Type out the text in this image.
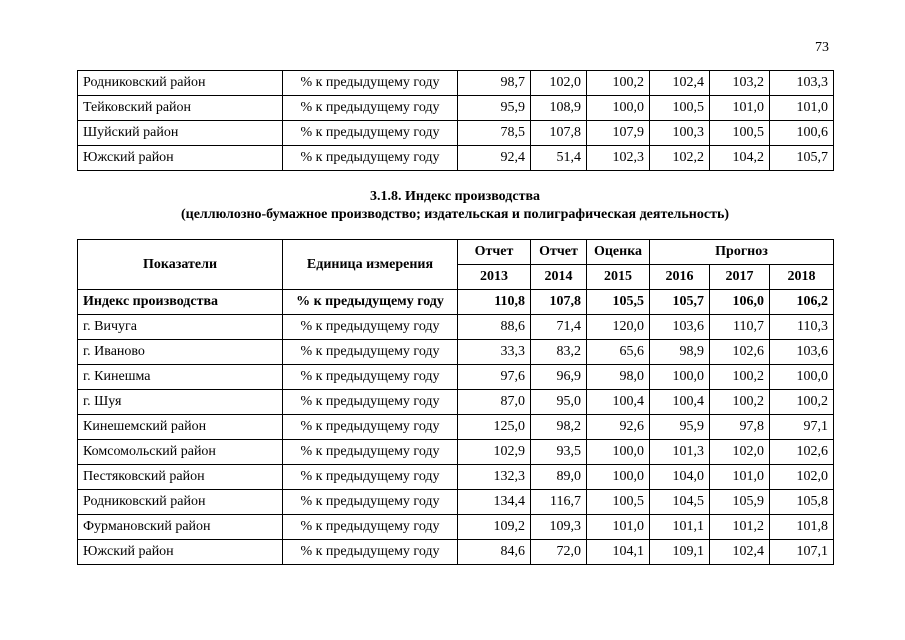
73
Родниковский район	% к предыдущему году	98,7	102,0	100,2	102,4	103,2	103,3
Тейковский район	% к предыдущему году	95,9	108,9	100,0	100,5	101,0	101,0
Шуйский район	% к предыдущему году	78,5	107,8	107,9	100,3	100,5	100,6
Южский район	% к предыдущему году	92,4	51,4	102,3	102,2	104,2	105,7
3.1.8. Индекс производства
(целлюлозно-бумажное производство; издательская и полиграфическая деятельность)
Показатели	Единица измерения	Отчет	Отчет	Оценка	Прогноз		
		2013	2014	2015	2016	2017	2018
Индекс производства	% к предыдущему году	110,8	107,8	105,5	105,7	106,0	106,2
г. Вичуга	% к предыдущему году	88,6	71,4	120,0	103,6	110,7	110,3
г. Иваново	% к предыдущему году	33,3	83,2	65,6	98,9	102,6	103,6
г. Кинешма	% к предыдущему году	97,6	96,9	98,0	100,0	100,2	100,0
г. Шуя	% к предыдущему году	87,0	95,0	100,4	100,4	100,2	100,2
Кинешемский район	% к предыдущему году	125,0	98,2	92,6	95,9	97,8	97,1
Комсомольский район	% к предыдущему году	102,9	93,5	100,0	101,3	102,0	102,6
Пестяковский район	% к предыдущему году	132,3	89,0	100,0	104,0	101,0	102,0
Родниковский район	% к предыдущему году	134,4	116,7	100,5	104,5	105,9	105,8
Фурмановский район	% к предыдущему году	109,2	109,3	101,0	101,1	101,2	101,8
Южский район	% к предыдущему году	84,6	72,0	104,1	109,1	102,4	107,1
